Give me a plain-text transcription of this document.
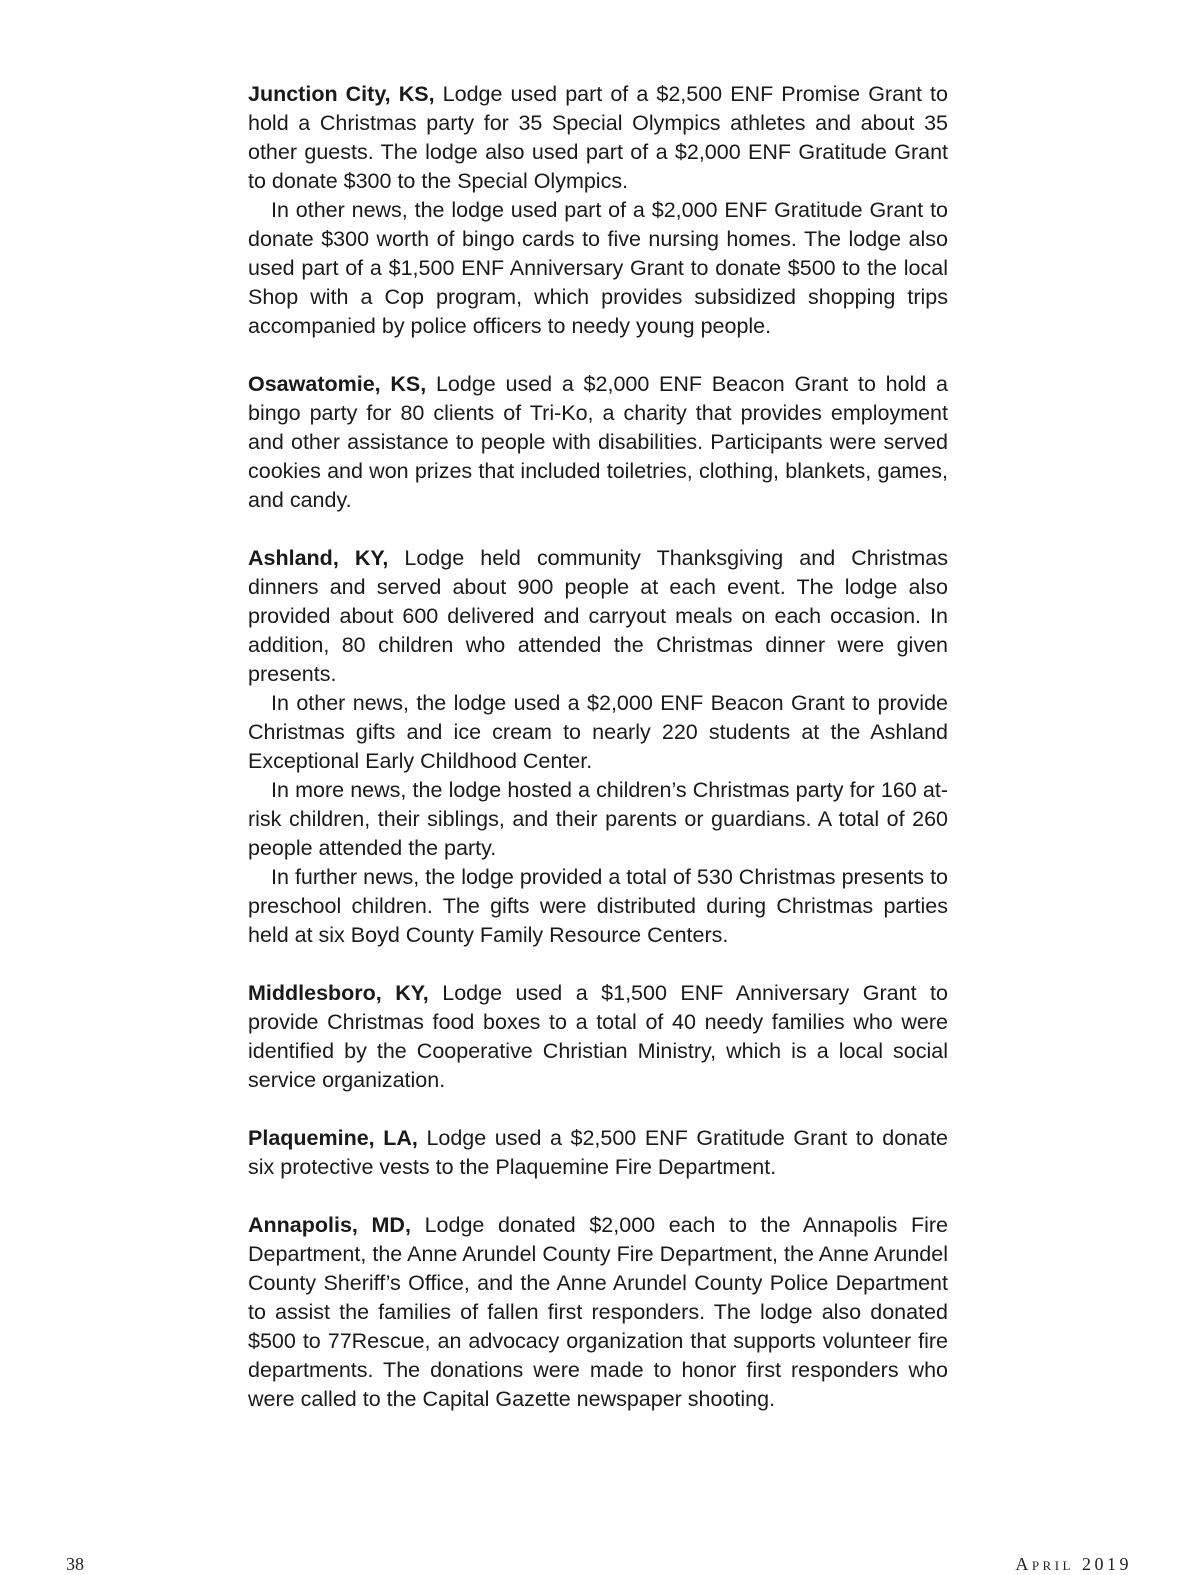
Junction City, KS, Lodge used part of a $2,500 ENF Promise Grant to hold a Christmas party for 35 Special Olympics athletes and about 35 other guests. The lodge also used part of a $2,000 ENF Gratitude Grant to donate $300 to the Special Olympics.

In other news, the lodge used part of a $2,000 ENF Gratitude Grant to donate $300 worth of bingo cards to five nursing homes. The lodge also used part of a $1,500 ENF Anniversary Grant to donate $500 to the local Shop with a Cop program, which provides subsidized shopping trips accompanied by police officers to needy young people.

Osawatomie, KS, Lodge used a $2,000 ENF Beacon Grant to hold a bingo party for 80 clients of Tri-Ko, a charity that provides employment and other assistance to people with disabilities. Participants were served cookies and won prizes that included toiletries, clothing, blankets, games, and candy.

Ashland, KY, Lodge held community Thanksgiving and Christmas dinners and served about 900 people at each event. The lodge also provided about 600 delivered and carryout meals on each occasion. In addition, 80 children who attended the Christmas dinner were given presents.

In other news, the lodge used a $2,000 ENF Beacon Grant to provide Christmas gifts and ice cream to nearly 220 students at the Ashland Exceptional Early Childhood Center.

In more news, the lodge hosted a children’s Christmas party for 160 at-risk children, their siblings, and their parents or guardians. A total of 260 people attended the party.

In further news, the lodge provided a total of 530 Christmas presents to preschool children. The gifts were distributed during Christmas parties held at six Boyd County Family Resource Centers.

Middlesboro, KY, Lodge used a $1,500 ENF Anniversary Grant to provide Christmas food boxes to a total of 40 needy families who were identified by the Cooperative Christian Ministry, which is a local social service organization.

Plaquemine, LA, Lodge used a $2,500 ENF Gratitude Grant to donate six protective vests to the Plaquemine Fire Department.

Annapolis, MD, Lodge donated $2,000 each to the Annapolis Fire Department, the Anne Arundel County Fire Department, the Anne Arundel County Sheriff’s Office, and the Anne Arundel County Police Department to assist the families of fallen first responders. The lodge also donated $500 to 77Rescue, an advocacy organization that supports volunteer fire departments. The donations were made to honor first responders who were called to the Capital Gazette newspaper shooting.

38	April 2019
